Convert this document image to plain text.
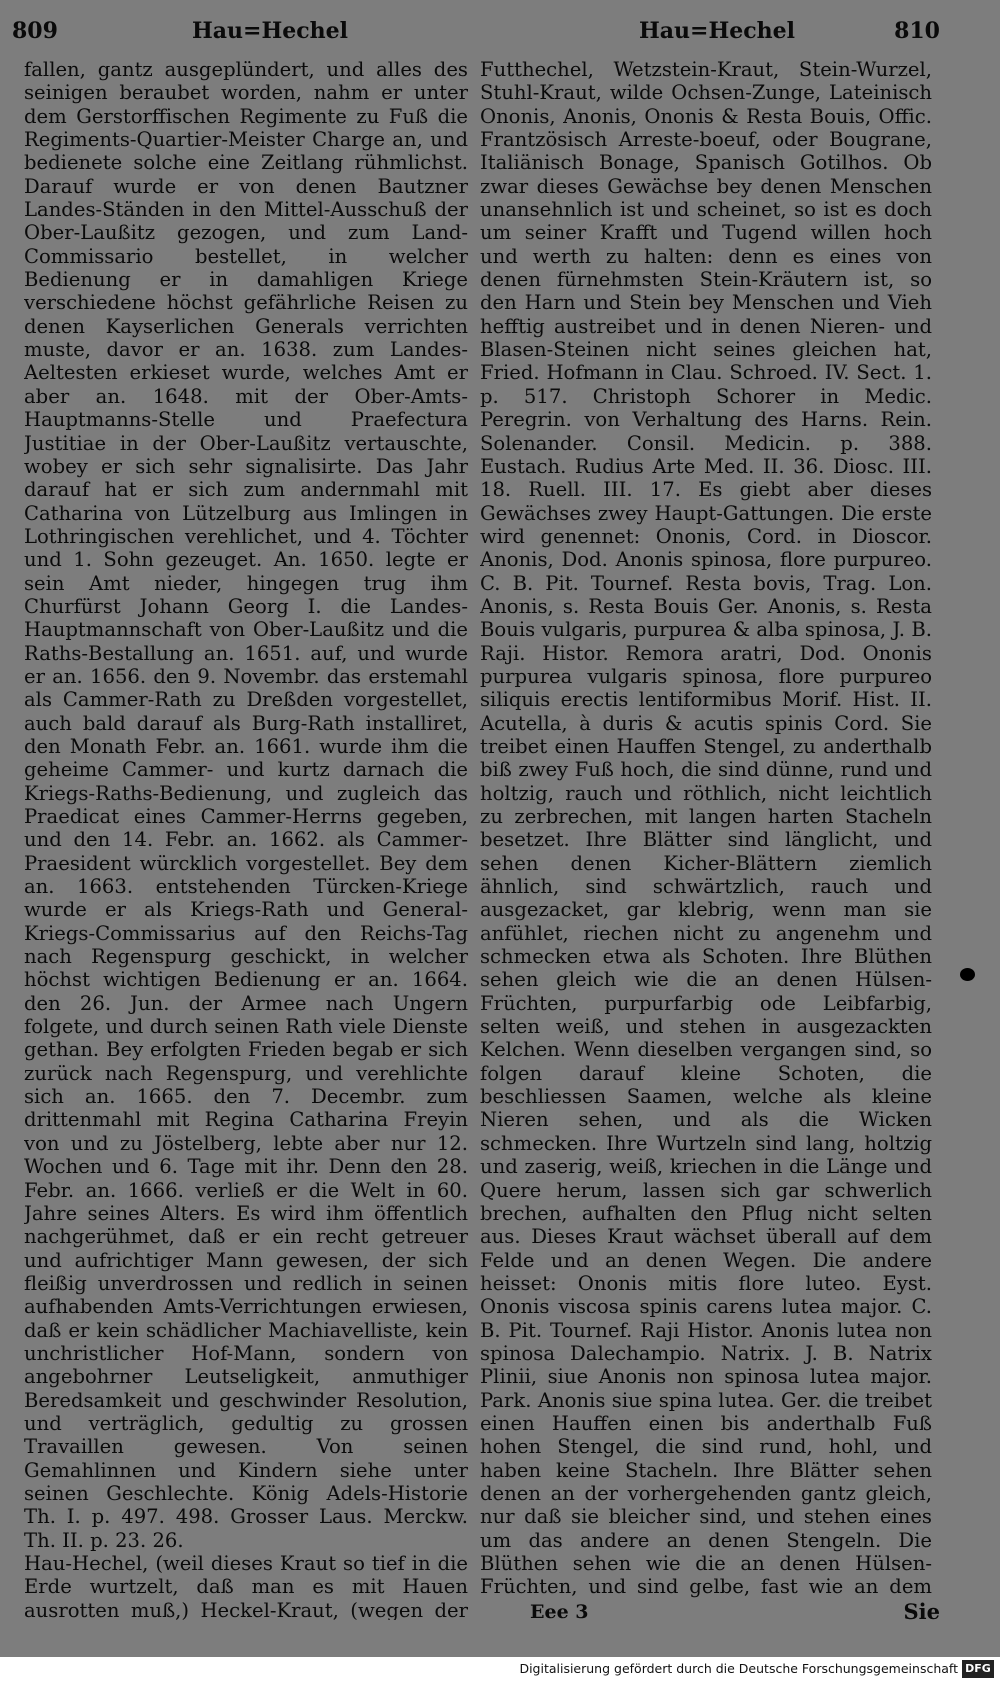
809	Hau=Hechel	Hau=Hechel	810
fallen, gantz ausgeplündert, und alles des seinigen beraubet worden, nahm er unter dem Gerstorffischen Regimente zu Fuß die Regiments-Quartier-Meister Charge an, und bedienete solche eine Zeitlang rühmlichst. Darauf wurde er von denen Bautzner Landes-Ständen in den Mittel-Ausschuß der Ober-Laußitz gezogen, und zum Land-Commissario bestellet, in welcher Bedienung er in damahligen Kriege verschiedene höchst gefährliche Reisen zu denen Kayserlichen Generals verrichten muste, davor er an. 1638. zum Landes-Aeltesten erkieset wurde, welches Amt er aber an. 1648. mit der Ober-Amts-Hauptmanns-Stelle und Praefectura Justitiae in der Ober-Laußitz vertauschte, wobey er sich sehr signalisirte. Das Jahr darauf hat er sich zum andernmahl mit Catharina von Lützelburg aus Imlingen in Lothringischen verehlichet, und 4. Töchter und 1. Sohn gezeuget. An. 1650. legte er sein Amt nieder, hingegen trug ihm Churfürst Johann Georg I. die Landes-Hauptmannschaft von Ober-Laußitz und die Raths-Bestallung an. 1651. auf, und wurde er an. 1656. den 9. Novembr. das erstemahl als Cammer-Rath zu Dreßden vorgestellet, auch bald darauf als Burg-Rath installiret, den Monath Febr. an. 1661. wurde ihm die geheime Cammer- und kurtz darnach die Kriegs-Raths-Bedienung, und zugleich das Praedicat eines Cammer-Herrns gegeben, und den 14. Febr. an. 1662. als Cammer-Praesident würcklich vorgestellet. Bey dem an. 1663. entstehenden Türcken-Kriege wurde er als Kriegs-Rath und General-Kriegs-Commissarius auf den Reichs-Tag nach Regenspurg geschickt, in welcher höchst wichtigen Bedienung er an. 1664. den 26. Jun. der Armee nach Ungern folgete, und durch seinen Rath viele Dienste gethan. Bey erfolgten Frieden begab er sich zurück nach Regenspurg, und verehlichte sich an. 1665. den 7. Decembr. zum drittenmahl mit Regina Catharina Freyin von und zu Jöstelberg, lebte aber nur 12. Wochen und 6. Tage mit ihr. Denn den 28. Febr. an. 1666. verließ er die Welt in 60. Jahre seines Alters. Es wird ihm öffentlich nachgerühmet, daß er ein recht getreuer und aufrichtiger Mann gewesen, der sich fleißig unverdrossen und redlich in seinen aufhabenden Amts-Verrichtungen erwiesen, daß er kein schädlicher Machiavelliste, kein unchristlicher Hof-Mann, sondern von angebohrner Leutseligkeit, anmuthiger Beredsamkeit und geschwinder Resolution, und verträglich, gedultig zu grossen Travaillen gewesen. Von seinen Gemahlinnen und Kindern siehe unter seinen Geschlechte. König Adels-Historie Th. I. p. 497. 498. Grosser Laus. Merckw. Th. II. p. 23. 26.
Hau-Hechel, (weil dieses Kraut so tief in die Erde wurtzelt, daß man es mit Hauen ausrotten muß,) Heckel-Kraut, (wegen der
Futthechel, Wetzstein-Kraut, Stein-Wurzel, Stuhl-Kraut, wilde Ochsen-Zunge, Lateinisch Ononis, Anonis, Ononis & Resta Bouis, Offic. Frantzösisch Arreste-boeuf, oder Bougrane, Italiänisch Bonage, Spanisch Gotilhos. Ob zwar dieses Gewächse bey denen Menschen unansehnlich ist und scheinet, so ist es doch um seiner Krafft und Tugend willen hoch und werth zu halten: denn es eines von denen fürnehmsten Stein-Kräutern ist, so den Harn und Stein bey Menschen und Vieh hefftig austreibet und in denen Nieren- und Blasen-Steinen nicht seines gleichen hat, Fried. Hofmann in Clau. Schroed. IV. Sect. 1. p. 517. Christoph Schorer in Medic. Peregrin. von Verhaltung des Harns. Rein. Solenander. Consil. Medicin. p. 388. Eustach. Rudius Arte Med. II. 36. Diosc. III. 18. Ruell. III. 17. Es giebt aber dieses Gewächses zwey Haupt-Gattungen. Die erste wird genennet: Ononis, Cord. in Dioscor. Anonis, Dod. Anonis spinosa, flore purpureo. C. B. Pit. Tournef. Resta bovis, Trag. Lon. Anonis, s. Resta Bouis Ger. Anonis, s. Resta Bouis vulgaris, purpurea & alba spinosa, J. B. Raji. Histor. Remora aratri, Dod. Ononis purpurea vulgaris spinosa, flore purpureo siliquis erectis lentiformibus Morif. Hist. II. Acutella, à duris & acutis spinis Cord. Sie treibet einen Hauffen Stengel, zu anderthalb biß zwey Fuß hoch, die sind dünne, rund und holtzig, rauch und röthlich, nicht leichtlich zu zerbrechen, mit langen harten Stacheln besetzet. Ihre Blätter sind länglicht, und sehen denen Kicher-Blättern ziemlich ähnlich, sind schwärtzlich, rauch und ausgezacket, gar klebrig, wenn man sie anfühlet, riechen nicht zu angenehm und schmecken etwa als Schoten. Ihre Blüthen sehen gleich wie die an denen Hülsen-Früchten, purpurfarbig ode Leibfarbig, selten weiß, und stehen in ausgezackten Kelchen. Wenn dieselben vergangen sind, so folgen darauf kleine Schoten, die beschliessen Saamen, welche als kleine Nieren sehen, und als die Wicken schmecken. Ihre Wurtzeln sind lang, holtzig und zaserig, weiß, kriechen in die Länge und Quere herum, lassen sich gar schwerlich brechen, aufhalten den Pflug nicht selten aus. Dieses Kraut wächset überall auf dem Felde und an denen Wegen. Die andere heisset: Ononis mitis flore luteo. Eyst. Ononis viscosa spinis carens lutea major. C. B. Pit. Tournef. Raji Histor. Anonis lutea non spinosa Dalechampio. Natrix. J. B. Natrix Plinii, siue Anonis non spinosa lutea major. Park. Anonis siue spina lutea. Ger. die treibet einen Hauffen einen bis anderthalb Fuß hohen Stengel, die sind rund, hohl, und haben keine Stacheln. Ihre Blätter sehen denen an der vorhergehenden gantz gleich, nur daß sie bleicher sind, und stehen eines um das andere an denen Stengeln. Die Blüthen sehen wie die an denen Hülsen-Früchten, und sind gelbe, fast wie an dem
Eee 3	Sie
Digitalisierung gefördert durch die Deutsche Forschungsgemeinschaft DFG
